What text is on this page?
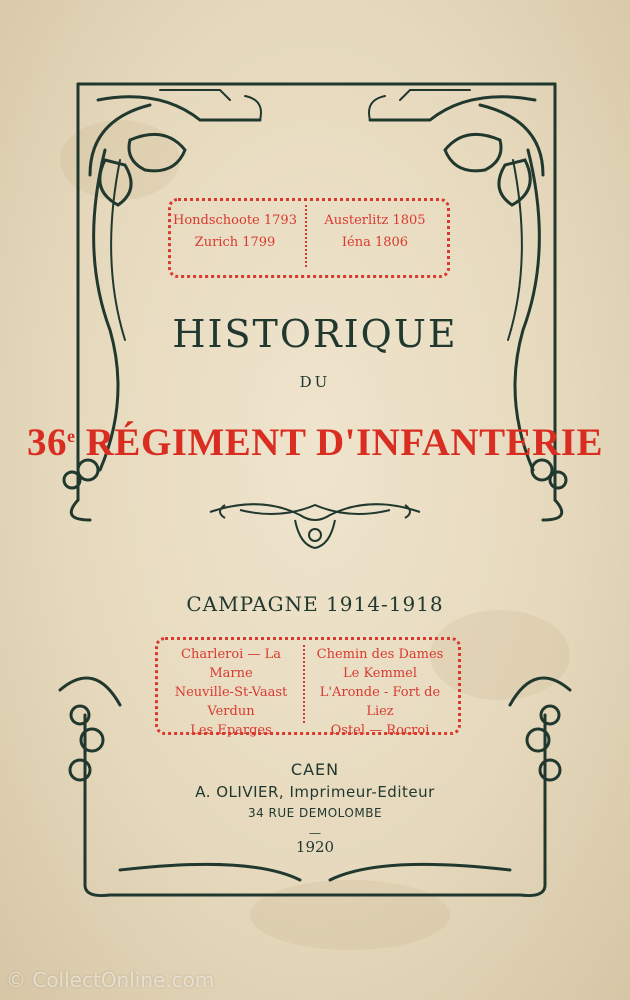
Hondschoote 1793
Zurich 1799
Austerlitz 1805
Iéna 1806
HISTORIQUE
DU
36e RÉGIMENT D'INFANTERIE
CAMPAGNE 1914-1918
Charleroi — La Marne
Neuville-St-Vaast
Verdun
Les Eparges
Chemin des Dames
Le Kemmel
L'Aronde - Fort de Liez
Ostel — Rocroi
CAEN
A. OLIVIER, Imprimeur-Editeur
34 RUE DEMOLOMBE
—
1920
© CollectOnline.com
